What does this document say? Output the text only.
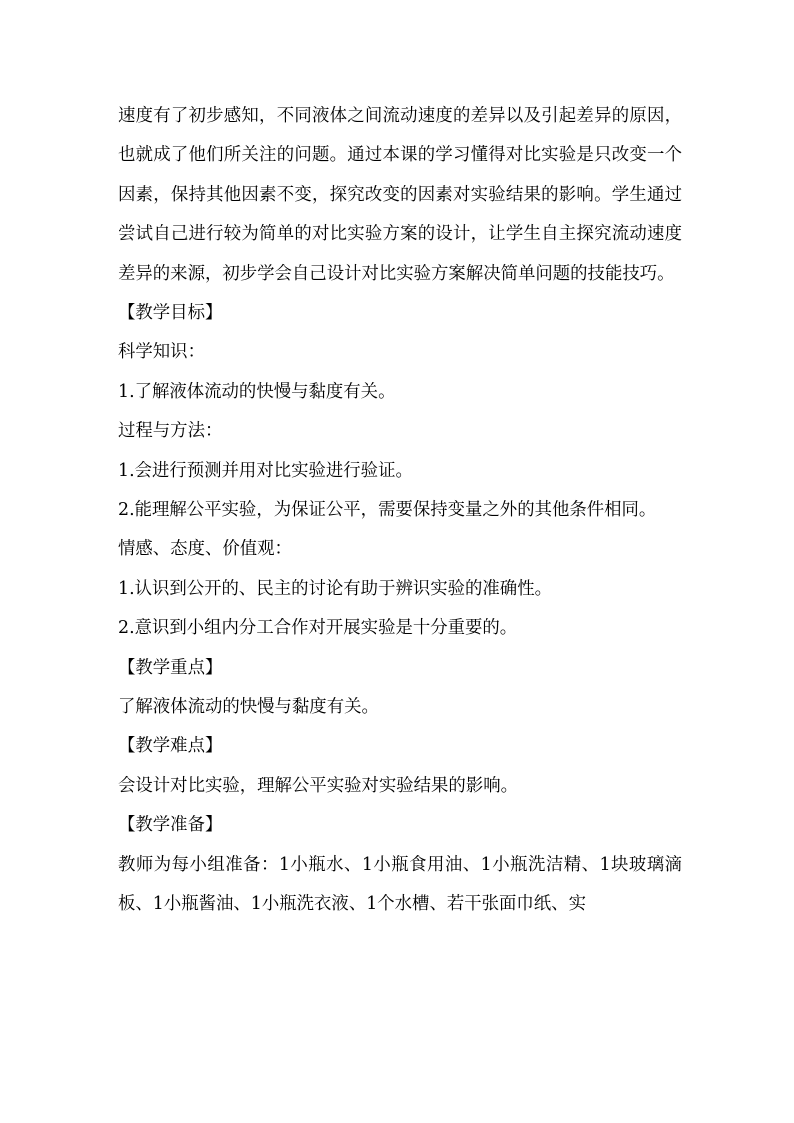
速度有了初步感知，不同液体之间流动速度的差异以及引起差异的原因，也就成了他们所关注的问题。通过本课的学习懂得对比实验是只改变一个因素，保持其他因素不变，探究改变的因素对实验结果的影响。学生通过尝试自己进行较为简单的对比实验方案的设计，让学生自主探究流动速度差异的来源，初步学会自己设计对比实验方案解决简单问题的技能技巧。

【教学目标】

科学知识：

1.了解液体流动的快慢与黏度有关。

过程与方法：

1.会进行预测并用对比实验进行验证。

2.能理解公平实验，为保证公平，需要保持变量之外的其他条件相同。

情感、态度、价值观：

1.认识到公开的、民主的讨论有助于辨识实验的准确性。

2.意识到小组内分工合作对开展实验是十分重要的。

【教学重点】

了解液体流动的快慢与黏度有关。

【教学难点】

会设计对比实验，理解公平实验对实验结果的影响。

【教学准备】

教师为每小组准备：1小瓶水、1小瓶食用油、1小瓶洗洁精、1块玻璃滴板、1小瓶酱油、1小瓶洗衣液、1个水槽、若干张面巾纸、实
